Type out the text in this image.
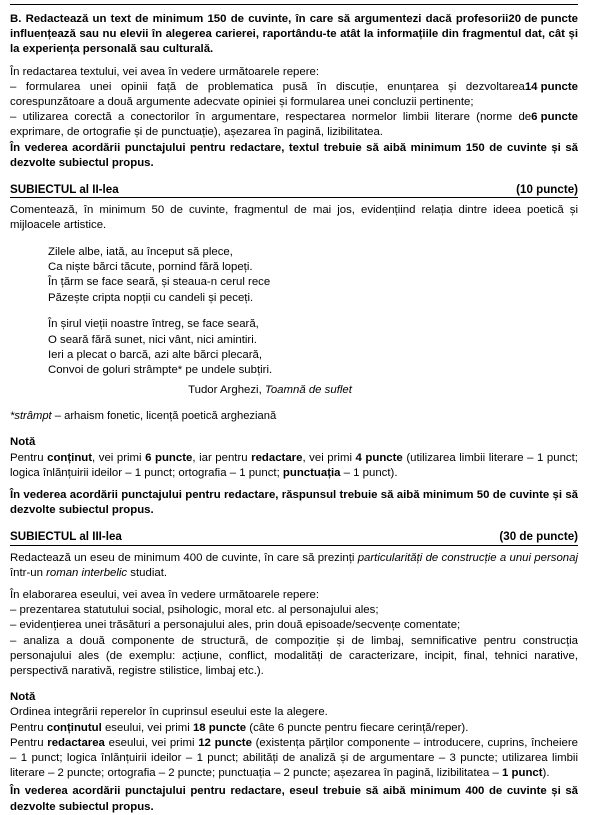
20 de puncte
B. Redactează un text de minimum 150 de cuvinte, în care să argumentezi dacă profesorii influențează sau nu elevii în alegerea carierei, raportându-te atât la informațiile din fragmentul dat, cât și la experiența personală sau culturală.

În redactarea textului, vei avea în vedere următoarele repere:

14 puncte
– formularea unei opinii față de problematica pusă în discuție, enunțarea și dezvoltarea corespunzătoare a două argumente adecvate opiniei și formularea unei concluzii pertinente;

6 puncte
– utilizarea corectă a conectorilor în argumentare, respectarea normelor limbii literare (norme de exprimare, de ortografie și de punctuație), așezarea în pagină, lizibilitatea.

În vederea acordării punctajului pentru redactare, textul trebuie să aibă minimum 150 de cuvinte și să dezvolte subiectul propus.

SUBIECTUL al II-lea	(10 puncte)

Comentează, în minimum 50 de cuvinte, fragmentul de mai jos, evidențiind relația dintre ideea poetică și mijloacele artistice.

Zilele albe, iată, au început să plece,
Ca niște bărci tăcute, pornind fără lopeți.
În țărm se face seară, și steaua-n cerul rece
Păzește cripta nopții cu candeli și peceți.
În șirul vieții noastre întreg, se face seară,
O seară fără sunet, nici vânt, nici amintiri.
Ieri a plecat o barcă, azi alte bărci plecară,
Convoi de goluri strâmpte* pe undele subțiri.
Tudor Arghezi, Toamnă de suflet
*strâmpt – arhaism fonetic, licență poetică argheziană
Notă

Pentru conținut, vei primi 6 puncte, iar pentru redactare, vei primi 4 puncte (utilizarea limbii literare – 1 punct; logica înlănțuirii ideilor – 1 punct; ortografia – 1 punct; punctuația – 1 punct).

În vederea acordării punctajului pentru redactare, răspunsul trebuie să aibă minimum 50 de cuvinte și să dezvolte subiectul propus.

SUBIECTUL al III-lea	(30 de puncte)

Redactează un eseu de minimum 400 de cuvinte, în care să prezinți particularități de construcție a unui personaj într-un roman interbelic studiat.

În elaborarea eseului, vei avea în vedere următoarele repere:

– prezentarea statutului social, psihologic, moral etc. al personajului ales;

– evidențierea unei trăsături a personajului ales, prin două episoade/secvențe comentate;

– analiza a două componente de structură, de compoziție și de limbaj, semnificative pentru construcția personajului ales (de exemplu: acțiune, conflict, modalități de caracterizare, incipit, final, tehnici narative, perspectivă narativă, registre stilistice, limbaj etc.).

Notă

Ordinea integrării reperelor în cuprinsul eseului este la alegere.

Pentru conținutul eseului, vei primi 18 puncte (câte 6 puncte pentru fiecare cerință/reper).

Pentru redactarea eseului, vei primi 12 puncte (existența părților componente – introducere, cuprins, încheiere – 1 punct; logica înlănțuirii ideilor – 1 punct; abilități de analiză și de argumentare – 3 puncte; utilizarea limbii literare – 2 puncte; ortografia – 2 puncte; punctuația – 2 puncte; așezarea în pagină, lizibilitatea – 1 punct).

În vederea acordării punctajului pentru redactare, eseul trebuie să aibă minimum 400 de cuvinte și să dezvolte subiectul propus.
